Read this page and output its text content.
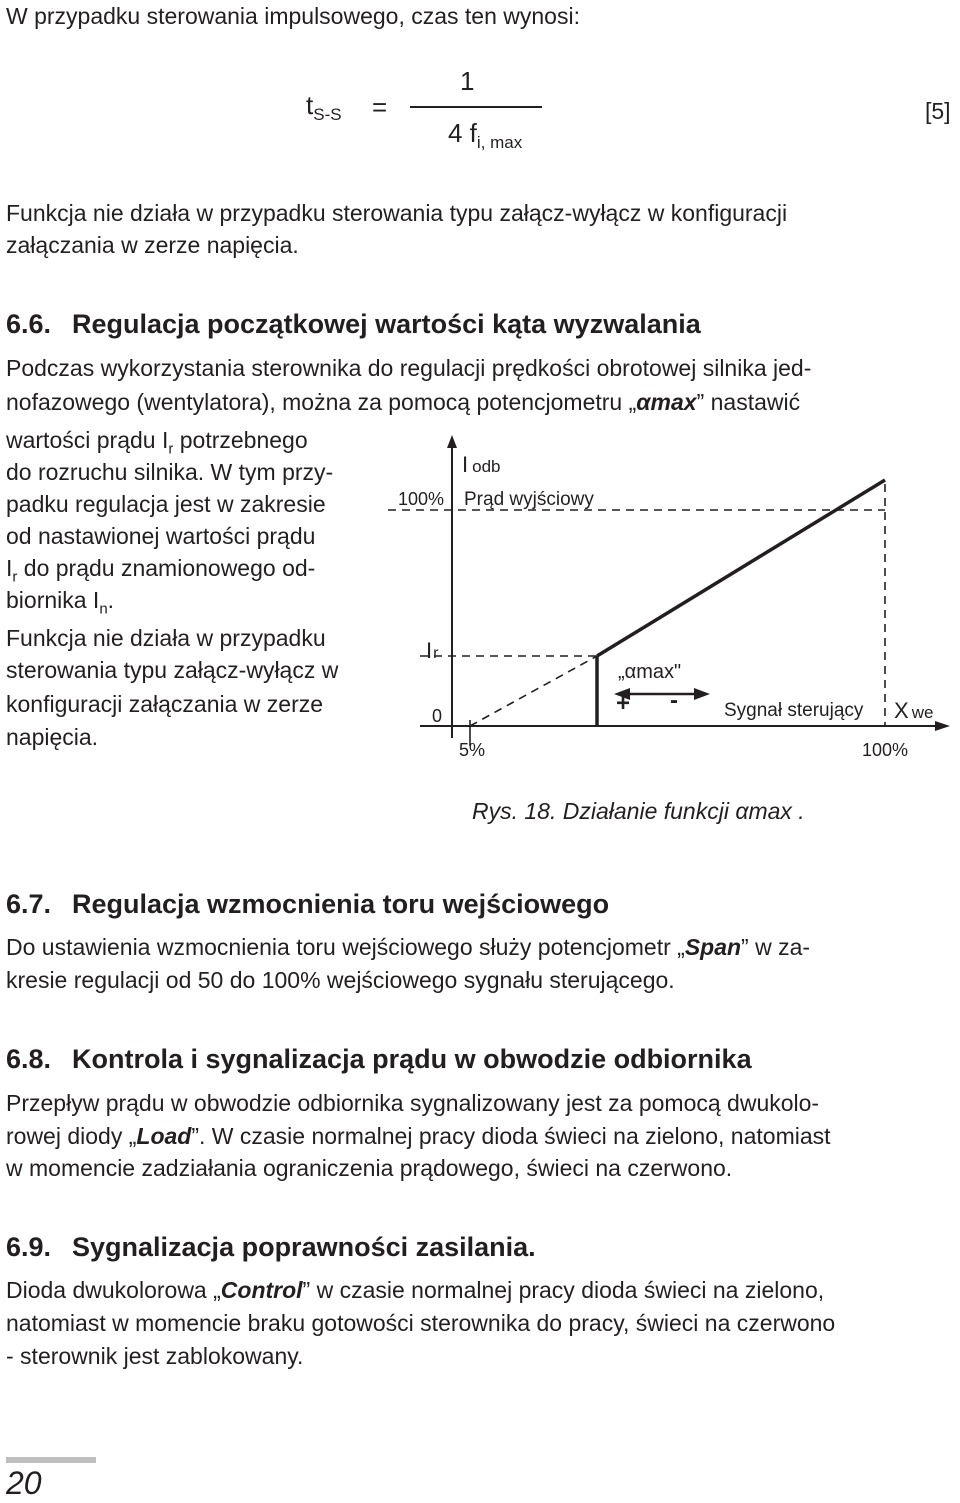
W przypadku sterowania impulsowego, czas ten wynosi:

$t_{S-S}$ =
1
4 $f_{i, max}$
[5]

Funkcja nie działa w przypadku sterowania typu załącz-wyłącz w konfiguracji

załączania w zerze napięcia.

6.6. Regulacja początkowej wartości kąta wyzwalania

Podczas wykorzystania sterownika do regulacji prędkości obrotowej silnika jed-

nofazowego (wentylatora), można za pomocą potencjometru „αmax” nastawić

wartości prądu $I_r$ potrzebnego

do rozruchu silnika. W tym przy-

padku regulacja jest w zakresie

od nastawionej wartości prądu

$I_r$ do prądu znamionowego od-

biornika $I_n$.

Funkcja nie działa w przypadku

sterowania typu załącz-wyłącz w

konfiguracji załączania w zerze

napięcia.

I odb
100% Prąd wyjściowy
Ir
0
„αmax"
+ - Sygnał sterujący X we
5%	100%
Rys. 18. Działanie funkcji αmax .
6.7. Regulacja wzmocnienia toru wejściowego

Do ustawienia wzmocnienia toru wejściowego służy potencjometr „Span” w za-

kresie regulacji od 50 do 100% wejściowego sygnału sterującego.

6.8. Kontrola i sygnalizacja prądu w obwodzie odbiornika

Przepływ prądu w obwodzie odbiornika sygnalizowany jest za pomocą dwukolo-

rowej diody „Load”. W czasie normalnej pracy dioda świeci na zielono, natomiast

w momencie zadziałania ograniczenia prądowego, świeci na czerwono.

6.9. Sygnalizacja poprawności zasilania.

Dioda dwukolorowa „Control” w czasie normalnej pracy dioda świeci na zielono,

natomiast w momencie braku gotowości sterownika do pracy, świeci na czerwono

- sterownik jest zablokowany.

20
